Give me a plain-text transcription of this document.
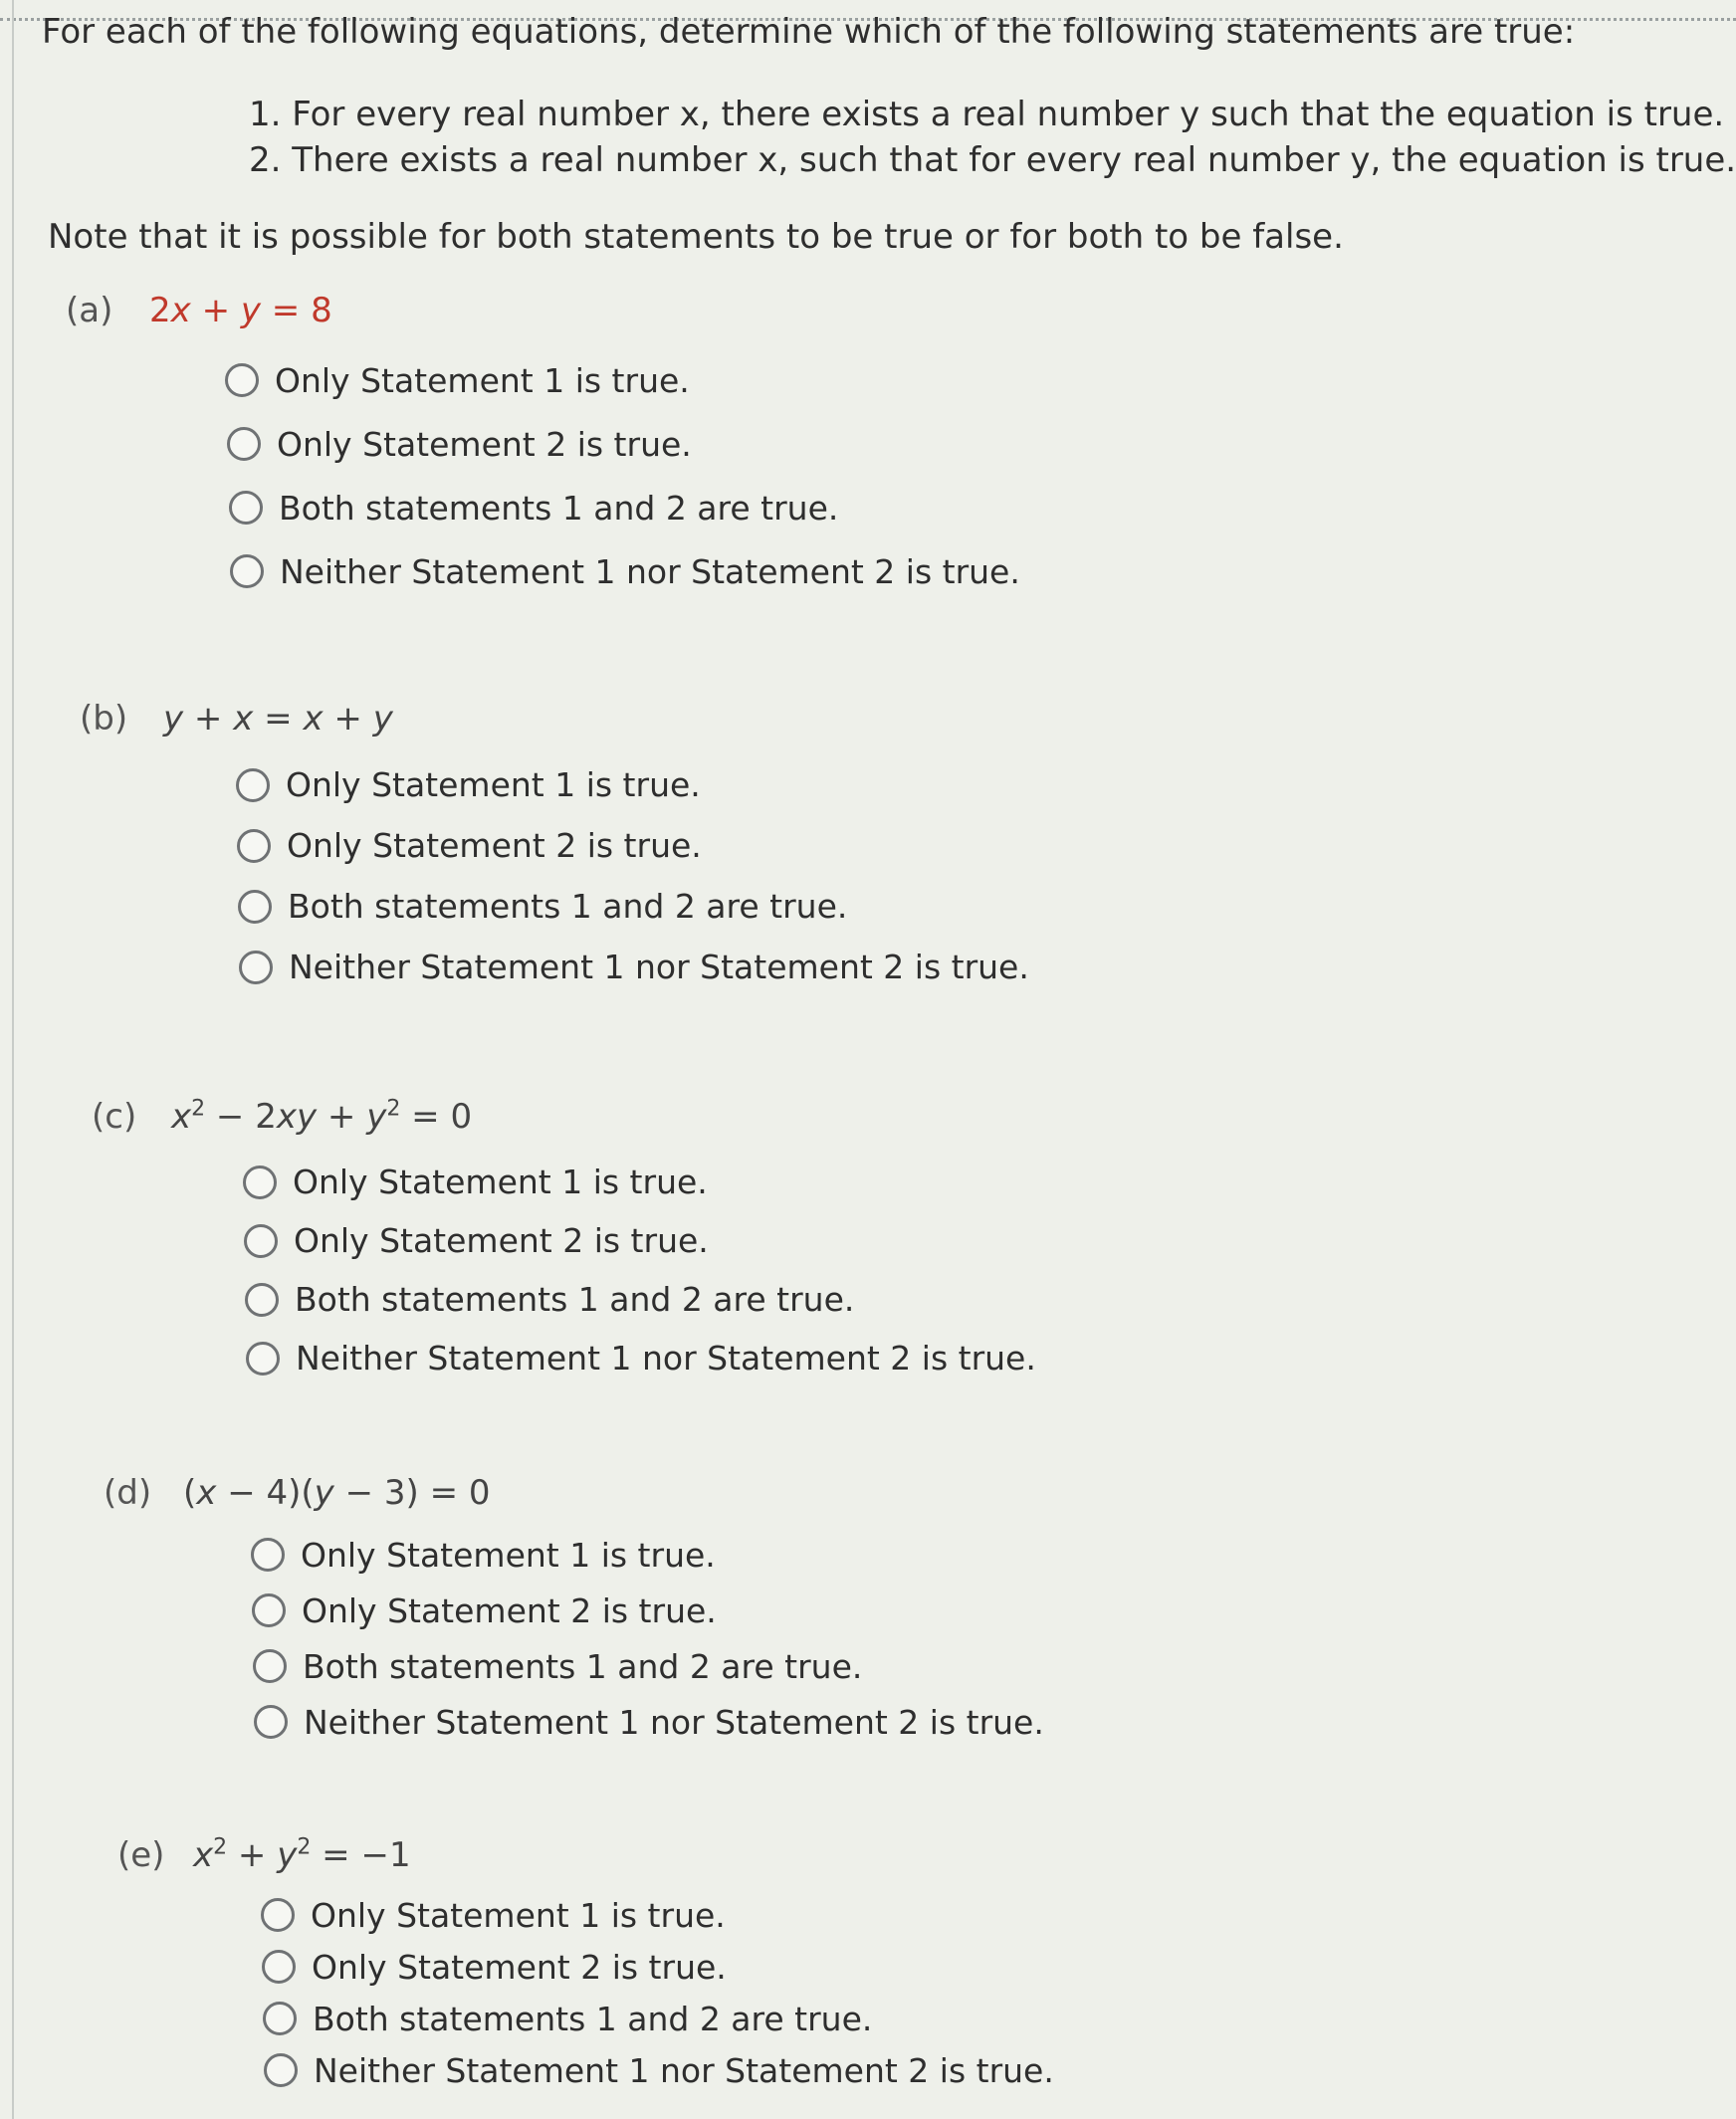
For each of the following equations, determine which of the following statements are true:
1. For every real number x, there exists a real number y such that the equation is true.
2. There exists a real number x, such that for every real number y, the equation is true.
Note that it is possible for both statements to be true or for both to be false.
(a) 2x + y = 8
Only Statement 1 is true.
Only Statement 2 is true.
Both statements 1 and 2 are true.
Neither Statement 1 nor Statement 2 is true.
(b) y + x = x + y
Only Statement 1 is true.
Only Statement 2 is true.
Both statements 1 and 2 are true.
Neither Statement 1 nor Statement 2 is true.
(c) $x^2 - 2xy + y^2 = 0$
Only Statement 1 is true.
Only Statement 2 is true.
Both statements 1 and 2 are true.
Neither Statement 1 nor Statement 2 is true.
(d) (x − 4)(y − 3) = 0
Only Statement 1 is true.
Only Statement 2 is true.
Both statements 1 and 2 are true.
Neither Statement 1 nor Statement 2 is true.
(e) $x^2 + y^2 = -1$
Only Statement 1 is true.
Only Statement 2 is true.
Both statements 1 and 2 are true.
Neither Statement 1 nor Statement 2 is true.
